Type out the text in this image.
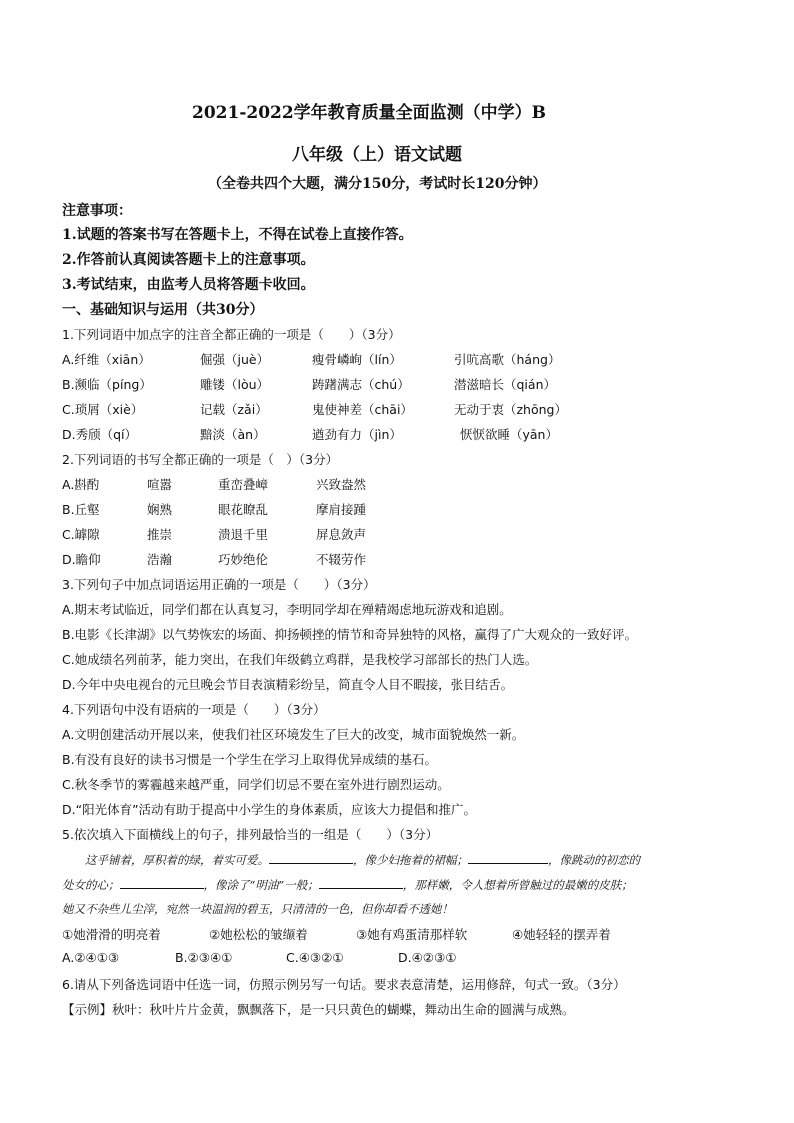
2021-2022学年教育质量全面监测（中学）B
八年级（上）语文试题
（全卷共四个大题，满分150分，考试时长120分钟）
注意事项：
1.试题的答案书写在答题卡上，不得在试卷上直接作答。
2.作答前认真阅读答题卡上的注意事项。
3.考试结束，由监考人员将答题卡收回。
一、基础知识与运用（共30分）
1.下列词语中加点字的注音全都正确的一项是（　　）（3分）
A.纤维（xiān）	倔强（juè）	瘦骨嶙峋（lín）	引吭高歌（háng）
B.濒临（pínɡ）	雕镂（lòu）	踌躇满志（chú）	潜滋暗长（qián）
C.琐屑（xiè）	记载（zǎi）	鬼使神差（chāi）	无动于衷（zhōng）
D.秀颀（qí）	黯淡（àn）	遒劲有力（jìn）	恹恹欲睡（yān）
2.下列词语的书写全都正确的一项是（　）（3分）
A.斟酌	喧嚣	重峦叠嶂	兴致盎然
B.丘壑	娴熟	眼花瞭乱	摩肩接踵
C.罅隙	推崇	溃退千里	屏息敛声
D.瞻仰	浩瀚	巧妙绝伦	不辍劳作
3.下列句子中加点词语运用正确的一项是（　　）（3分）
A.期末考试临近，同学们都在认真复习，李明同学却在殚精竭虑地玩游戏和追剧。
B.电影《长津湖》以气势恢宏的场面、抑扬顿挫的情节和奇异独特的风格，赢得了广大观众的一致好评。
C.她成绩名列前茅，能力突出，在我们年级鹤立鸡群，是我校学习部部长的热门人选。
D.今年中央电视台的元旦晚会节目表演精彩纷呈，简直令人目不暇接，张目结舌。
4.下列语句中没有语病的一项是（　　）（3分）
A.文明创建活动开展以来，使我们社区环境发生了巨大的改变，城市面貌焕然一新。
B.有没有良好的读书习惯是一个学生在学习上取得优异成绩的基石。
C.秋冬季节的雾霾越来越严重，同学们切忌不要在室外进行剧烈运动。
D.“阳光体育”活动有助于提高中小学生的身体素质，应该大力提倡和推广。
5.依次填入下面横线上的句子，排列最恰当的一组是（　　）（3分）
　　这乎铺着，厚积着的绿，着实可爱。	，像少妇拖着的裙幅；	，像跳动的初恋的
处女的心；	，像涂了“明油”一般；	，那样嫩，令人想着所曾触过的最嫩的皮肤；
她又不杂些儿尘滓，宛然一块温润的碧玉，只清清的一色，但你却看不透她！
①她滑滑的明亮着	②她松松的皱缬着	③她有鸡蛋清那样软	④她轻轻的摆弄着
A.②④①③	B.②③④①	C.④③②①	D.④②③①
6.请从下列备选词语中任选一词，仿照示例另写一句话。要求表意清楚，运用修辞，句式一致。（3分）
【示例】秋叶：秋叶片片金黄，飘飘落下，是一只只黄色的蝴蝶，舞动出生命的圆满与成熟。
